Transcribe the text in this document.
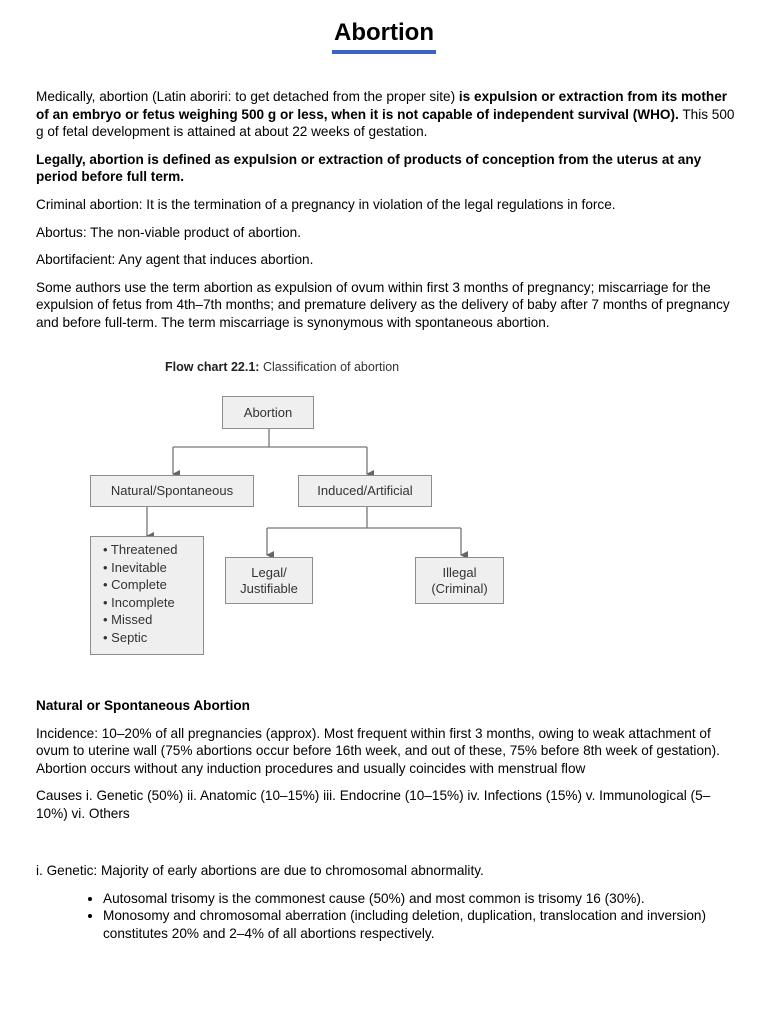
Abortion

Medically, abortion (Latin aboriri: to get detached from the proper site) is expulsion or extraction from its mother of an embryo or fetus weighing 500 g or less, when it is not capable of independent survival (WHO). This 500 g of fetal development is attained at about 22 weeks of gestation.

Legally, abortion is defined as expulsion or extraction of products of conception from the uterus at any period before full term.

Criminal abortion: It is the termination of a pregnancy in violation of the legal regulations in force.

Abortus: The non-viable product of abortion.

Abortifacient: Any agent that induces abortion.

Some authors use the term abortion as expulsion of ovum within first 3 months of pregnancy; miscarriage for the expulsion of fetus from 4th–7th months; and premature delivery as the delivery of baby after 7 months of pregnancy and before full-term. The term miscarriage is synonymous with spontaneous abortion.

Flow chart 22.1: Classification of abortion
Abortion
Natural/Spontaneous	Induced/Artificial
• Threatened
• Inevitable
• Complete
• Incomplete
• Missed
• Septic
Legal/
Justifiable
Illegal
(Criminal)

Natural or Spontaneous Abortion

Incidence: 10–20% of all pregnancies (approx). Most frequent within first 3 months, owing to weak attachment of ovum to uterine wall (75% abortions occur before 16th week, and out of these, 75% before 8th week of gestation). Abortion occurs without any induction procedures and usually coincides with menstrual flow

Causes i. Genetic (50%) ii. Anatomic (10–15%) iii. Endocrine (10–15%) iv. Infections (15%) v. Immunological (5–10%) vi. Others

i. Genetic: Majority of early abortions are due to chromosomal abnormality.

• Autosomal trisomy is the commonest cause (50%) and most common is trisomy 16 (30%).
• Monosomy and chromosomal aberration (including deletion, duplication, translocation and inversion) constitutes 20% and 2–4% of all abortions respectively.
